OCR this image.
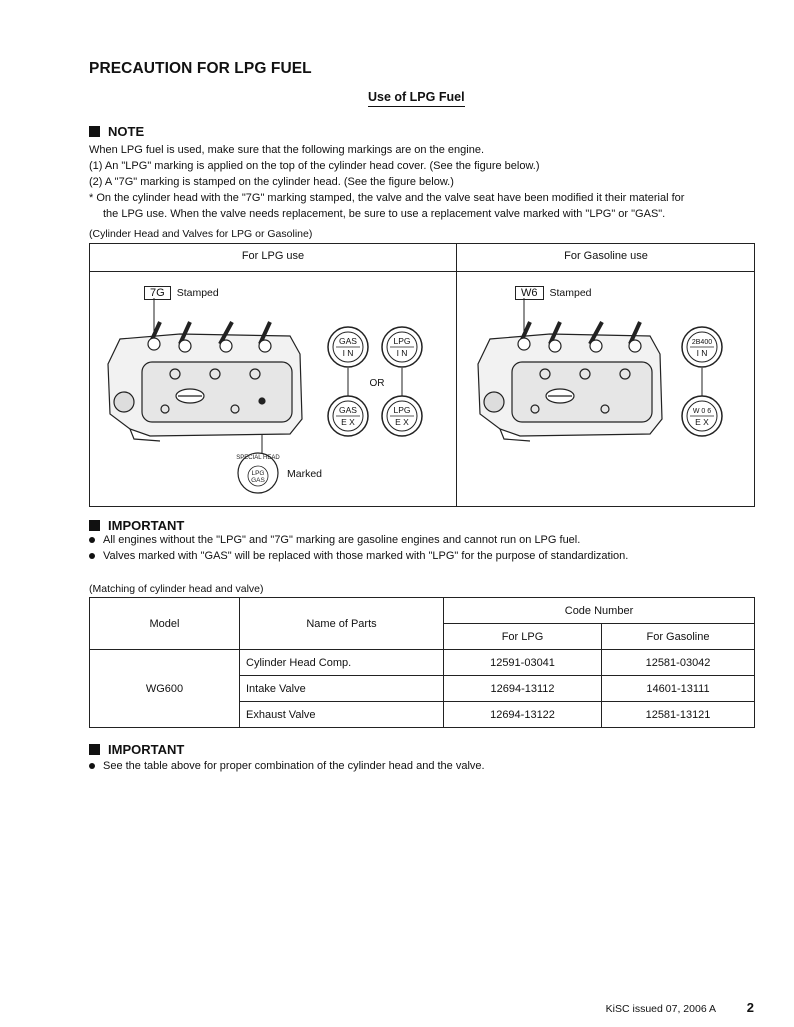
PRECAUTION FOR LPG FUEL
Use of LPG Fuel
NOTE
When LPG fuel is used, make sure that the following markings are on the engine.
(1) An "LPG" marking is applied on the top of the cylinder head cover. (See the figure below.)
(2) A "7G" marking is stamped on the cylinder head. (See the figure below.)
* On the cylinder head with the "7G" marking stamped, the valve and the valve seat have been modified it their material for
the LPG use. When the valve needs replacement, be sure to use a replacement valve marked with "LPG" or "GAS".
(Cylinder Head and Valves for LPG or Gasoline)
For LPG use	For Gasoline use
7G Stamped	W6 Stamped
LPG
GAS
SPECIAL HEAD
Marked
GAS
I N
LPG
I N
GAS
E X
LPG
E X
OR
2B400
I N
W 0 6
E X
IMPORTANT
All engines without the "LPG" and "7G" marking are gasoline engines and cannot run on LPG fuel.
Valves marked with "GAS" will be replaced with those marked with "LPG" for the purpose of standardization.
(Matching of cylinder head and valve)
Model	Name of Parts	Code Number	
		For LPG	For Gasoline
WG600	Cylinder Head Comp.	12591-03041	12581-03042
	Intake Valve	12694-13112	14601-13111
	Exhaust Valve	12694-13122	12581-13121
IMPORTANT
See the table above for proper combination of the cylinder head and the valve.
KiSC issued 07, 2006 A 2
